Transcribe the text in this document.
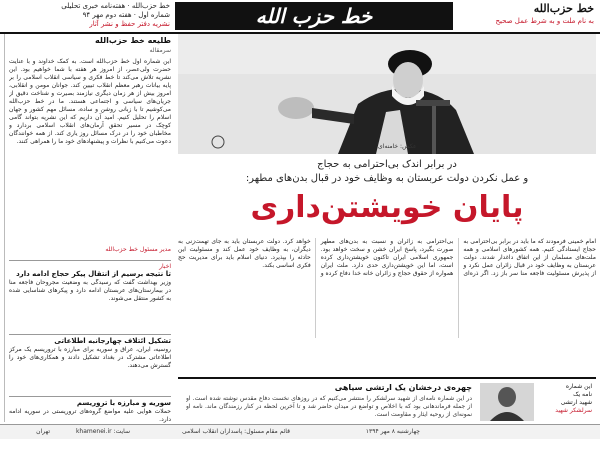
خط حزب‌الله
به نام ملت و به شرط عمل صحیح
خط حزب الله
خط حزب‌الله · هفته‌نامه خبری تحلیلی
شماره اول · هفته دوم مهر ۹۴
نشریه دفتر حفظ و نشر آثار
عکس: خامنه‌ای
در برابر اندک بی‌احترامی به حجاج
و عمل نکردن دولت عربستان به وظایف خود در قبال بدن‌های مطهر:
پایان خویشتن‌داری
امام خمینی فرمودند که ما باید در برابر بی‌احترامی به حجاج ایستادگی کنیم. همه کشورهای اسلامی و همه ملت‌های مسلمان از این اتفاق داغدار شدند. دولت عربستان به وظایف خود در قبال زائران عمل نکرد و از پذیرش مسئولیت فاجعه منا سر باز زد. اگر ذره‌ای بی‌احترامی به زائران و نسبت به بدن‌های مطهر صورت بگیرد، پاسخ ایران خشن و سخت خواهد بود. جمهوری اسلامی ایران تاکنون خویشتن‌داری کرده است، اما این خویشتن‌داری حدی دارد. ملت ایران همواره از حقوق حجاج و زائران خانه خدا دفاع کرده و خواهد کرد. دولت عربستان باید به جای تهمت‌زنی به دیگران، به وظایف خود عمل کند و مسئولیت این حادثه را بپذیرد. دنیای اسلام باید برای مدیریت حج فکری اساسی بکند.
چهره‌ی درخشان یک ارتشی سیاهی
در این شماره نامه‌ای از شهید سرلشکر را منتشر می‌کنیم که در روزهای نخست دفاع مقدس نوشته شده است. او از جمله فرماندهانی بود که با اخلاص و تواضع در میدان حاضر شد و تا آخرین لحظه در کنار رزمندگان ماند. نامه او نمونه‌ای از روحیه ایثار و مقاومت است.
این شماره
نامه یک
شهید ارتشی
سرلشکر شهید
چهارشنبه ۸ مهر ۱۳۹۴
قائم مقام مسئول: پاسداران انقلاب اسلامی
سایت: khamenei.ir
تهران
طلیعه خط حزب‌الله
سرمقاله
این شماره اول خط حزب‌الله است. به کمک خداوند و با عنایت حضرت ولی‌عصر، از امروز هر هفته با شما خواهیم بود. این نشریه تلاش می‌کند تا خط فکری و سیاسی انقلاب اسلامی را بر پایه بیانات رهبر معظم انقلاب تبیین کند. جوانان مومن و انقلابی، امروز بیش از هر زمان دیگری نیازمند بصیرت و شناخت دقیق از جریان‌های سیاسی و اجتماعی هستند. ما در خط حزب‌الله می‌کوشیم تا با زبانی روشن و ساده، مسائل مهم کشور و جهان اسلام را تحلیل کنیم. امید آن داریم که این نشریه بتواند گامی کوچک در مسیر تحقق آرمان‌های انقلاب اسلامی بردارد و مخاطبان خود را در درک مسائل روز یاری کند. از همه خوانندگان دعوت می‌کنیم با نظرات و پیشنهادهای خود ما را همراهی کنند.
مدیر مسئول خط حزب‌الله
اخبار
تا نتیجه برسیم از انتقال پیکر حجاج ادامه دارد
وزیر بهداشت گفت که رسیدگی به وضعیت مجروحان فاجعه منا در بیمارستان‌های عربستان ادامه دارد و پیکرهای شناسایی شده به کشور منتقل می‌شوند.
تشکیل ائتلاف چهارجانبه اطلاعاتی
روسیه، ایران، عراق و سوریه برای مبارزه با تروریسم یک مرکز اطلاعاتی مشترک در بغداد تشکیل دادند و همکاری‌های خود را گسترش می‌دهند.
سوریه و مبارزه با تروریسم
حملات هوایی علیه مواضع گروه‌های تروریستی در سوریه ادامه دارد.
